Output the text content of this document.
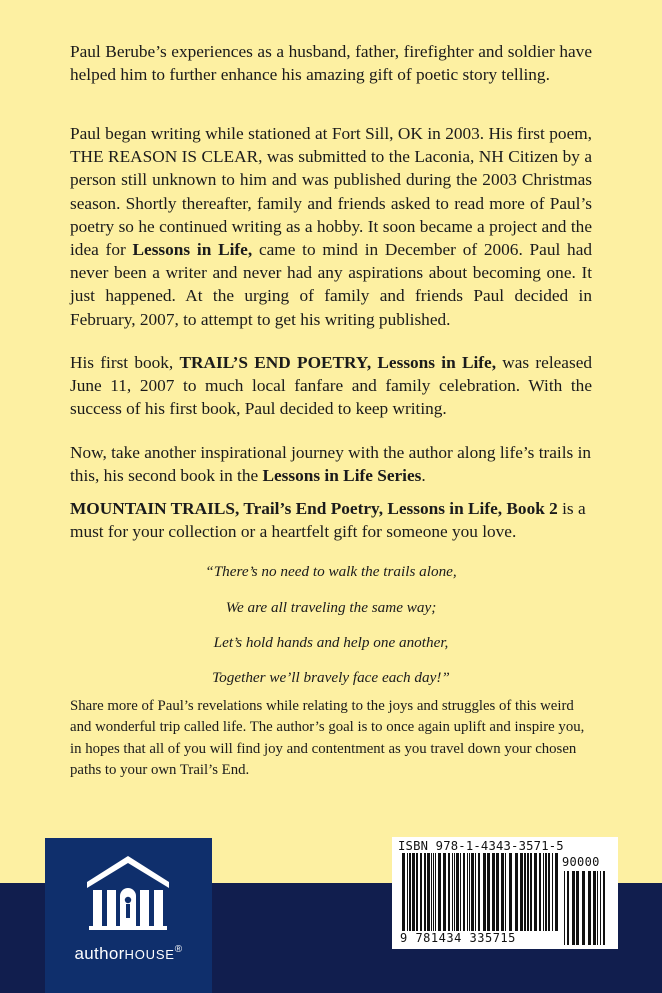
Paul Berube’s experiences as a husband, father, firefighter and soldier have helped him to further enhance his amazing gift of poetic story telling.

Paul began writing while stationed at Fort Sill, OK in 2003. His first poem, THE REASON IS CLEAR, was submitted to the Laconia, NH Citizen by a person still unknown to him and was published during the 2003 Christmas season. Shortly thereafter, family and friends asked to read more of Paul’s poetry so he continued writing as a hobby. It soon became a project and the idea for Lessons in Life, came to mind in December of 2006. Paul had never been a writer and never had any aspirations about becoming one. It just happened. At the urging of family and friends Paul decided in February, 2007, to attempt to get his writing published.

His first book, TRAIL’S END POETRY, Lessons in Life, was released June 11, 2007 to much local fanfare and family celebration. With the success of his first book, Paul decided to keep writing.

Now, take another inspirational journey with the author along life’s trails in this, his second book in the Lessons in Life Series.

MOUNTAIN TRAILS, Trail’s End Poetry, Lessons in Life, Book 2 is a must for your collection or a heartfelt gift for someone you love.

“There’s no need to walk the trails alone,
We are all traveling the same way;
Let’s hold hands and help one another,
Together we’ll bravely face each day!”

Share more of Paul’s revelations while relating to the joys and struggles of this weird and wonderful trip called life. The author’s goal is to once again uplift and inspire you, in hopes that all of you will find joy and contentment as you travel down your chosen paths to your own Trail’s End.

authorHOUSE®
ISBN 978-1-4343-3571-5
9 781434 335715
90000
